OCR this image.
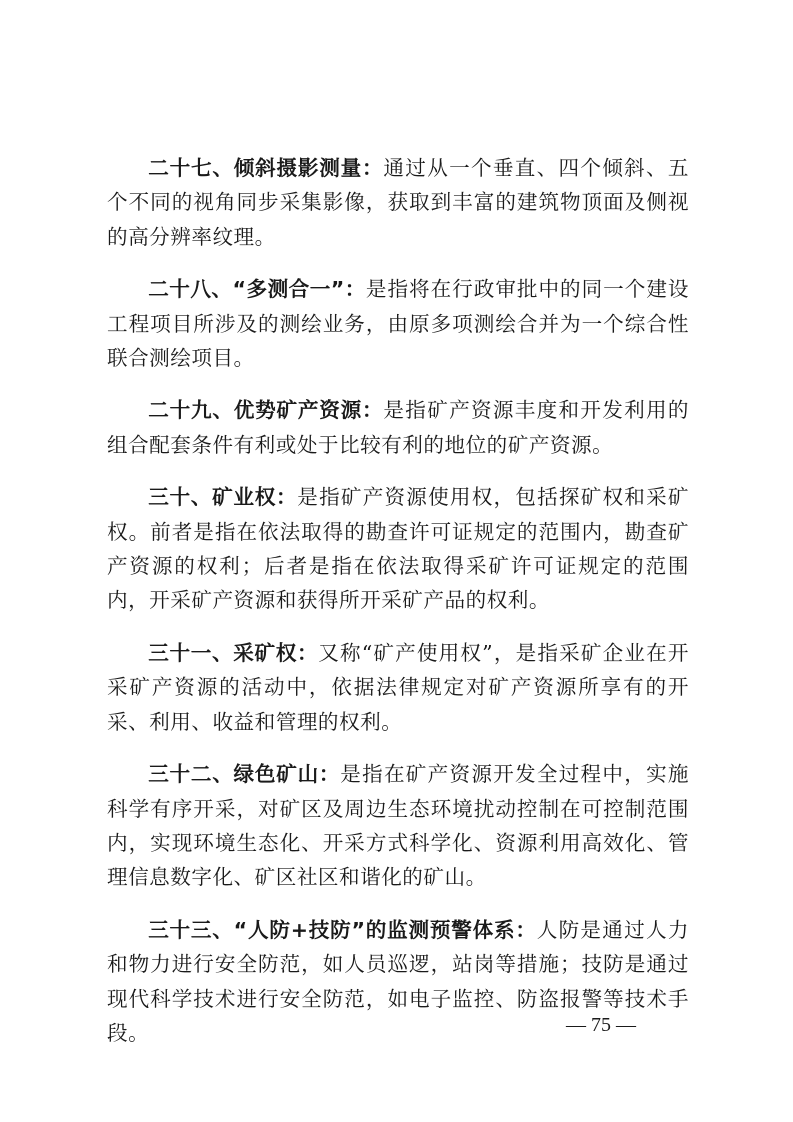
二十七、倾斜摄影测量：通过从一个垂直、四个倾斜、五个不同的视角同步采集影像，获取到丰富的建筑物顶面及侧视的高分辨率纹理。

二十八、“多测合一”：是指将在行政审批中的同一个建设工程项目所涉及的测绘业务，由原多项测绘合并为一个综合性联合测绘项目。

二十九、优势矿产资源：是指矿产资源丰度和开发利用的组合配套条件有利或处于比较有利的地位的矿产资源。

三十、矿业权：是指矿产资源使用权，包括探矿权和采矿权。前者是指在依法取得的勘查许可证规定的范围内，勘查矿产资源的权利；后者是指在依法取得采矿许可证规定的范围内，开采矿产资源和获得所开采矿产品的权利。

三十一、采矿权：又称“矿产使用权”，是指采矿企业在开采矿产资源的活动中，依据法律规定对矿产资源所享有的开采、利用、收益和管理的权利。

三十二、绿色矿山：是指在矿产资源开发全过程中，实施科学有序开采，对矿区及周边生态环境扰动控制在可控制范围内，实现环境生态化、开采方式科学化、资源利用高效化、管理信息数字化、矿区社区和谐化的矿山。

三十三、“人防+技防”的监测预警体系：人防是通过人力和物力进行安全防范，如人员巡逻，站岗等措施；技防是通过现代科学技术进行安全防范，如电子监控、防盗报警等技术手段。	— 75 —
